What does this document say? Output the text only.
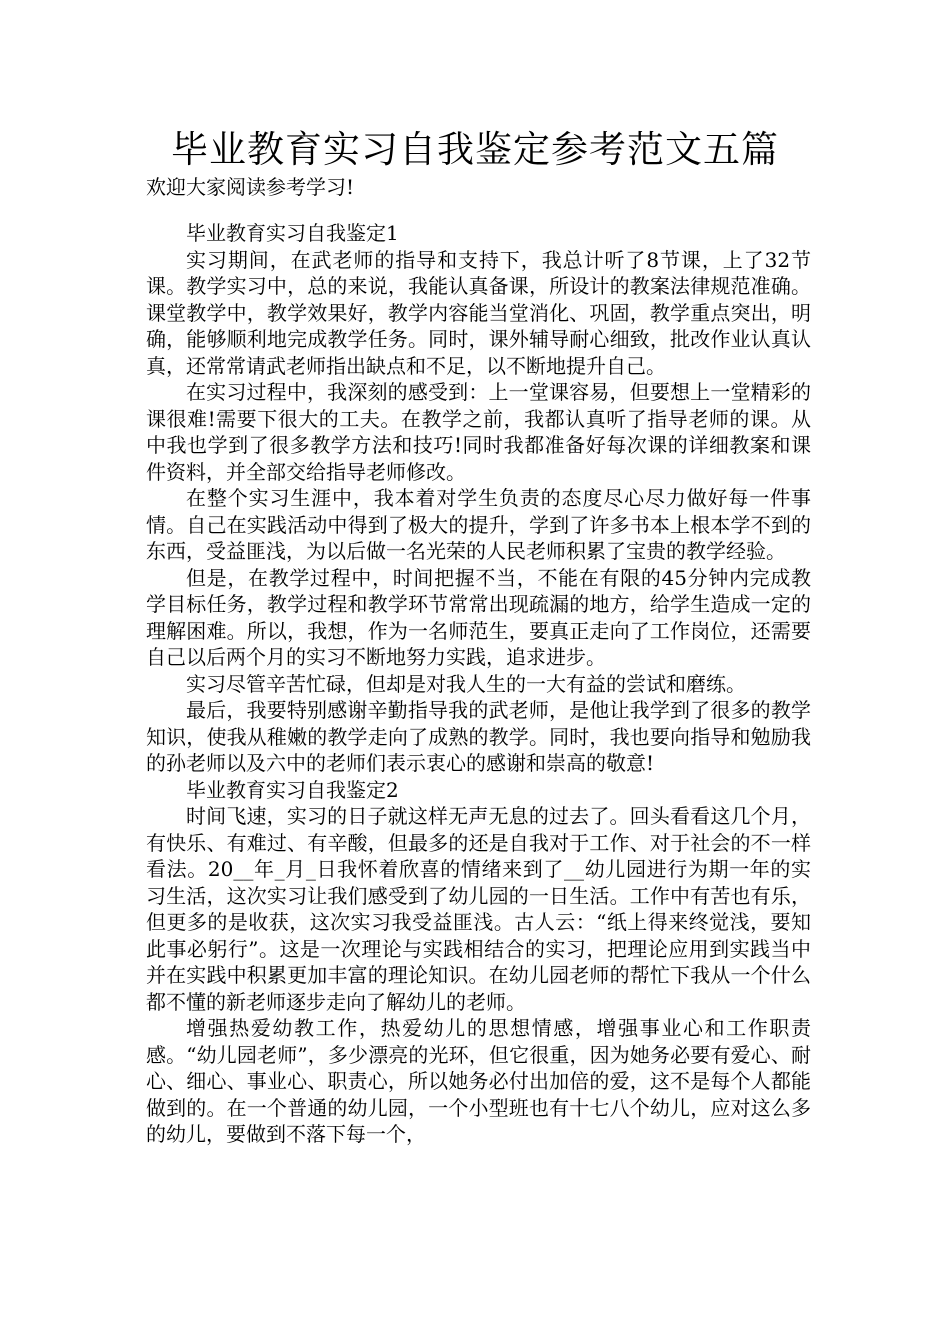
毕业教育实习自我鉴定参考范文五篇
欢迎大家阅读参考学习!

毕业教育实习自我鉴定1

实习期间，在武老师的指导和支持下，我总计听了8节课，上了32节课。教学实习中，总的来说，我能认真备课，所设计的教案法律规范准确。课堂教学中，教学效果好，教学内容能当堂消化、巩固，教学重点突出，明确，能够顺利地完成教学任务。同时，课外辅导耐心细致，批改作业认真认真，还常常请武老师指出缺点和不足，以不断地提升自己。

在实习过程中，我深刻的感受到：上一堂课容易，但要想上一堂精彩的课很难!需要下很大的工夫。在教学之前，我都认真听了指导老师的课。从中我也学到了很多教学方法和技巧!同时我都准备好每次课的详细教案和课件资料，并全部交给指导老师修改。

在整个实习生涯中，我本着对学生负责的态度尽心尽力做好每一件事情。自己在实践活动中得到了极大的提升，学到了许多书本上根本学不到的东西，受益匪浅，为以后做一名光荣的人民老师积累了宝贵的教学经验。

但是，在教学过程中，时间把握不当，不能在有限的45分钟内完成教学目标任务，教学过程和教学环节常常出现疏漏的地方，给学生造成一定的理解困难。所以，我想，作为一名师范生，要真正走向了工作岗位，还需要自己以后两个月的实习不断地努力实践，追求进步。

实习尽管辛苦忙碌，但却是对我人生的一大有益的尝试和磨练。

最后，我要特别感谢辛勤指导我的武老师，是他让我学到了很多的教学知识，使我从稚嫩的教学走向了成熟的教学。同时，我也要向指导和勉励我的孙老师以及六中的老师们表示衷心的感谢和崇高的敬意!

毕业教育实习自我鉴定2

时间飞速，实习的日子就这样无声无息的过去了。回头看看这几个月，有快乐、有难过、有辛酸，但最多的还是自我对于工作、对于社会的不一样看法。20__年_月_日我怀着欣喜的情绪来到了__幼儿园进行为期一年的实习生活，这次实习让我们感受到了幼儿园的一日生活。工作中有苦也有乐，但更多的是收获，这次实习我受益匪浅。古人云：“纸上得来终觉浅，要知此事必躬行”。这是一次理论与实践相结合的实习，把理论应用到实践当中并在实践中积累更加丰富的理论知识。在幼儿园老师的帮忙下我从一个什么都不懂的新老师逐步走向了解幼儿的老师。

增强热爱幼教工作，热爱幼儿的思想情感，增强事业心和工作职责感。“幼儿园老师”，多少漂亮的光环，但它很重，因为她务必要有爱心、耐心、细心、事业心、职责心，所以她务必付出加倍的爱，这不是每个人都能做到的。在一个普通的幼儿园，一个小型班也有十七八个幼儿，应对这么多的幼儿，要做到不落下每一个，
